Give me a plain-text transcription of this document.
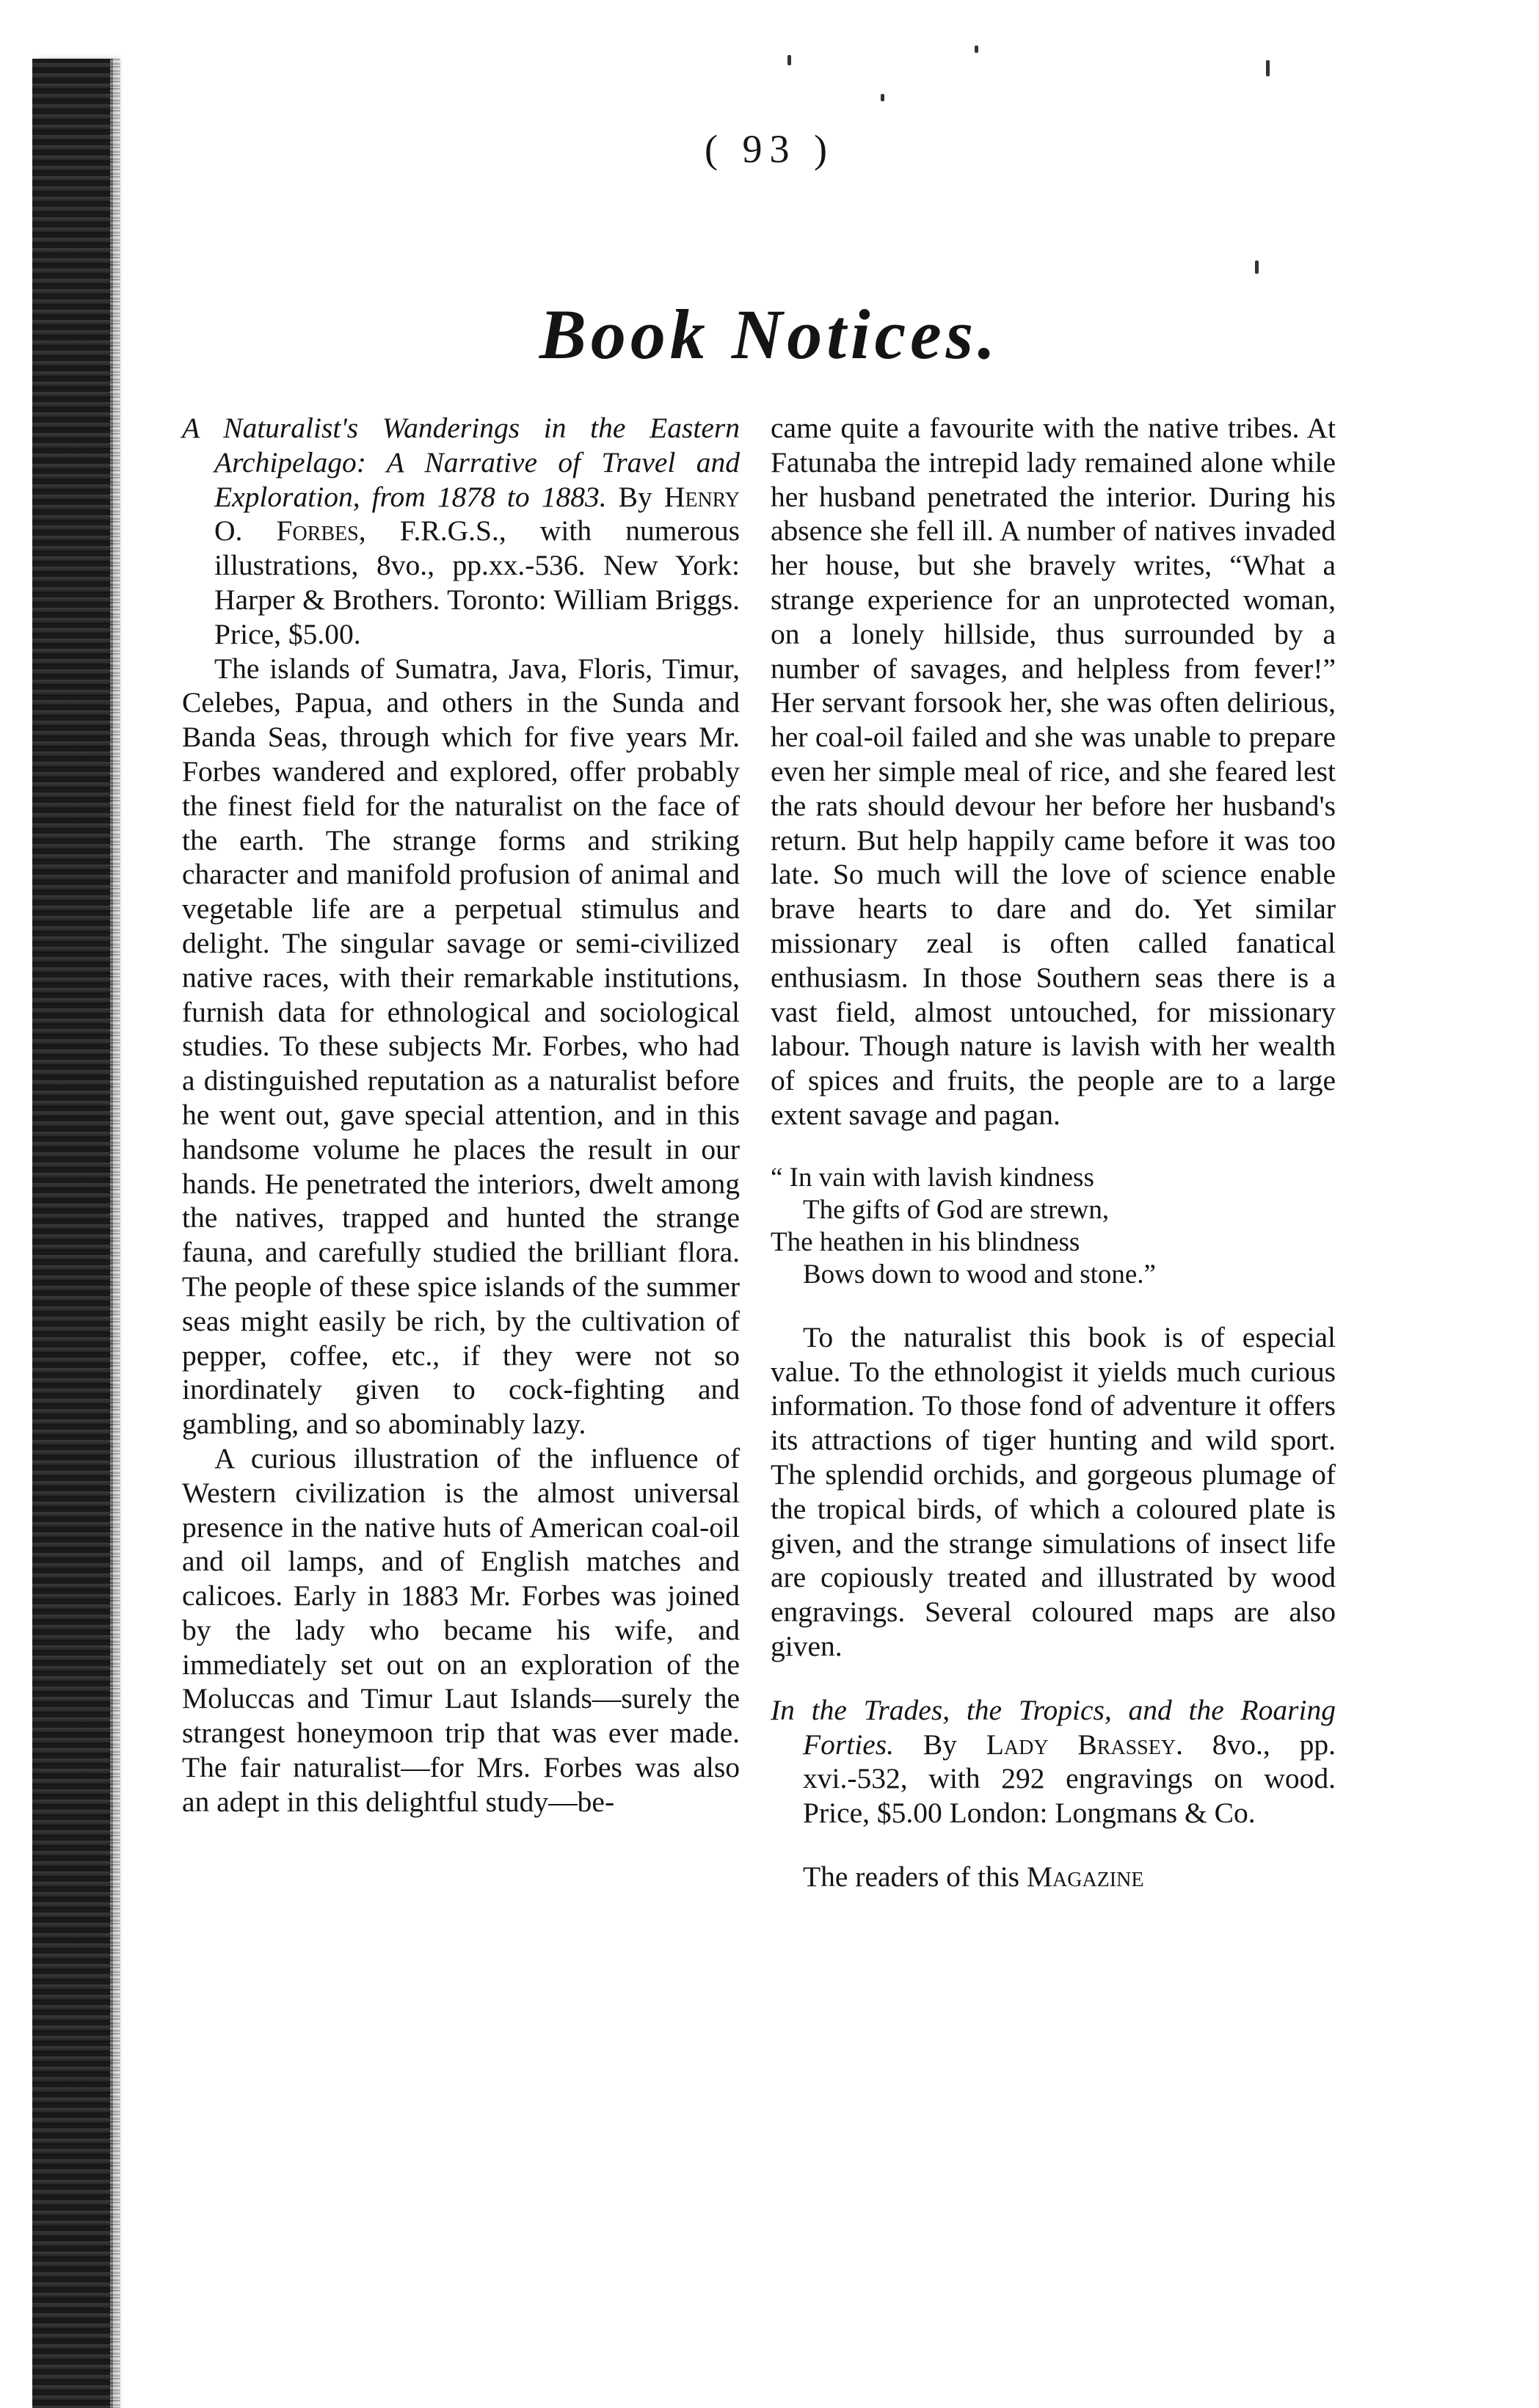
( 93 )
Book Notices.

A Naturalist's Wanderings in the Eastern Archipelago: A Narrative of Travel and Exploration, from 1878 to 1883. By Henry O. Forbes, F.R.G.S., with numerous illustrations, 8vo., pp.xx.-536. New York: Harper & Brothers. Toronto: William Briggs. Price, $5.00.

The islands of Sumatra, Java, Floris, Timur, Celebes, Papua, and others in the Sunda and Banda Seas, through which for five years Mr. Forbes wandered and explored, offer probably the finest field for the naturalist on the face of the earth. The strange forms and striking character and manifold profusion of animal and vegetable life are a perpetual stimulus and delight. The singular savage or semi-civilized native races, with their remarkable institutions, furnish data for ethnological and sociological studies. To these subjects Mr. Forbes, who had a distinguished reputation as a naturalist before he went out, gave special attention, and in this handsome volume he places the result in our hands. He penetrated the interiors, dwelt among the natives, trapped and hunted the strange fauna, and carefully studied the brilliant flora. The people of these spice islands of the summer seas might easily be rich, by the cultivation of pepper, coffee, etc., if they were not so inordinately given to cock-fighting and gambling, and so abominably lazy.

A curious illustration of the influence of Western civilization is the almost universal presence in the native huts of American coal-oil and oil lamps, and of English matches and calicoes. Early in 1883 Mr. Forbes was joined by the lady who became his wife, and immediately set out on an exploration of the Moluccas and Timur Laut Islands—surely the strangest honeymoon trip that was ever made. The fair naturalist—for Mrs. Forbes was also an adept in this delightful study—be-

came quite a favourite with the native tribes. At Fatunaba the intrepid lady remained alone while her husband penetrated the interior. During his absence she fell ill. A number of natives invaded her house, but she bravely writes, “What a strange experience for an unprotected woman, on a lonely hillside, thus surrounded by a number of savages, and helpless from fever!” Her servant forsook her, she was often delirious, her coal-oil failed and she was unable to prepare even her simple meal of rice, and she feared lest the rats should devour her before her husband's return. But help happily came before it was too late. So much will the love of science enable brave hearts to dare and do. Yet similar missionary zeal is often called fanatical enthusiasm. In those Southern seas there is a vast field, almost untouched, for missionary labour. Though nature is lavish with her wealth of spices and fruits, the people are to a large extent savage and pagan.

“ In vain with lavish kindness
The gifts of God are strewn,
The heathen in his blindness
Bows down to wood and stone.”

To the naturalist this book is of especial value. To the ethnologist it yields much curious information. To those fond of adventure it offers its attractions of tiger hunting and wild sport. The splendid orchids, and gorgeous plumage of the tropical birds, of which a coloured plate is given, and the strange simulations of insect life are copiously treated and illustrated by wood engravings. Several coloured maps are also given.

In the Trades, the Tropics, and the Roaring Forties. By Lady Brassey. 8vo., pp. xvi.-532, with 292 engravings on wood. Price, $5.00 London: Longmans & Co.

The readers of this Magazine
